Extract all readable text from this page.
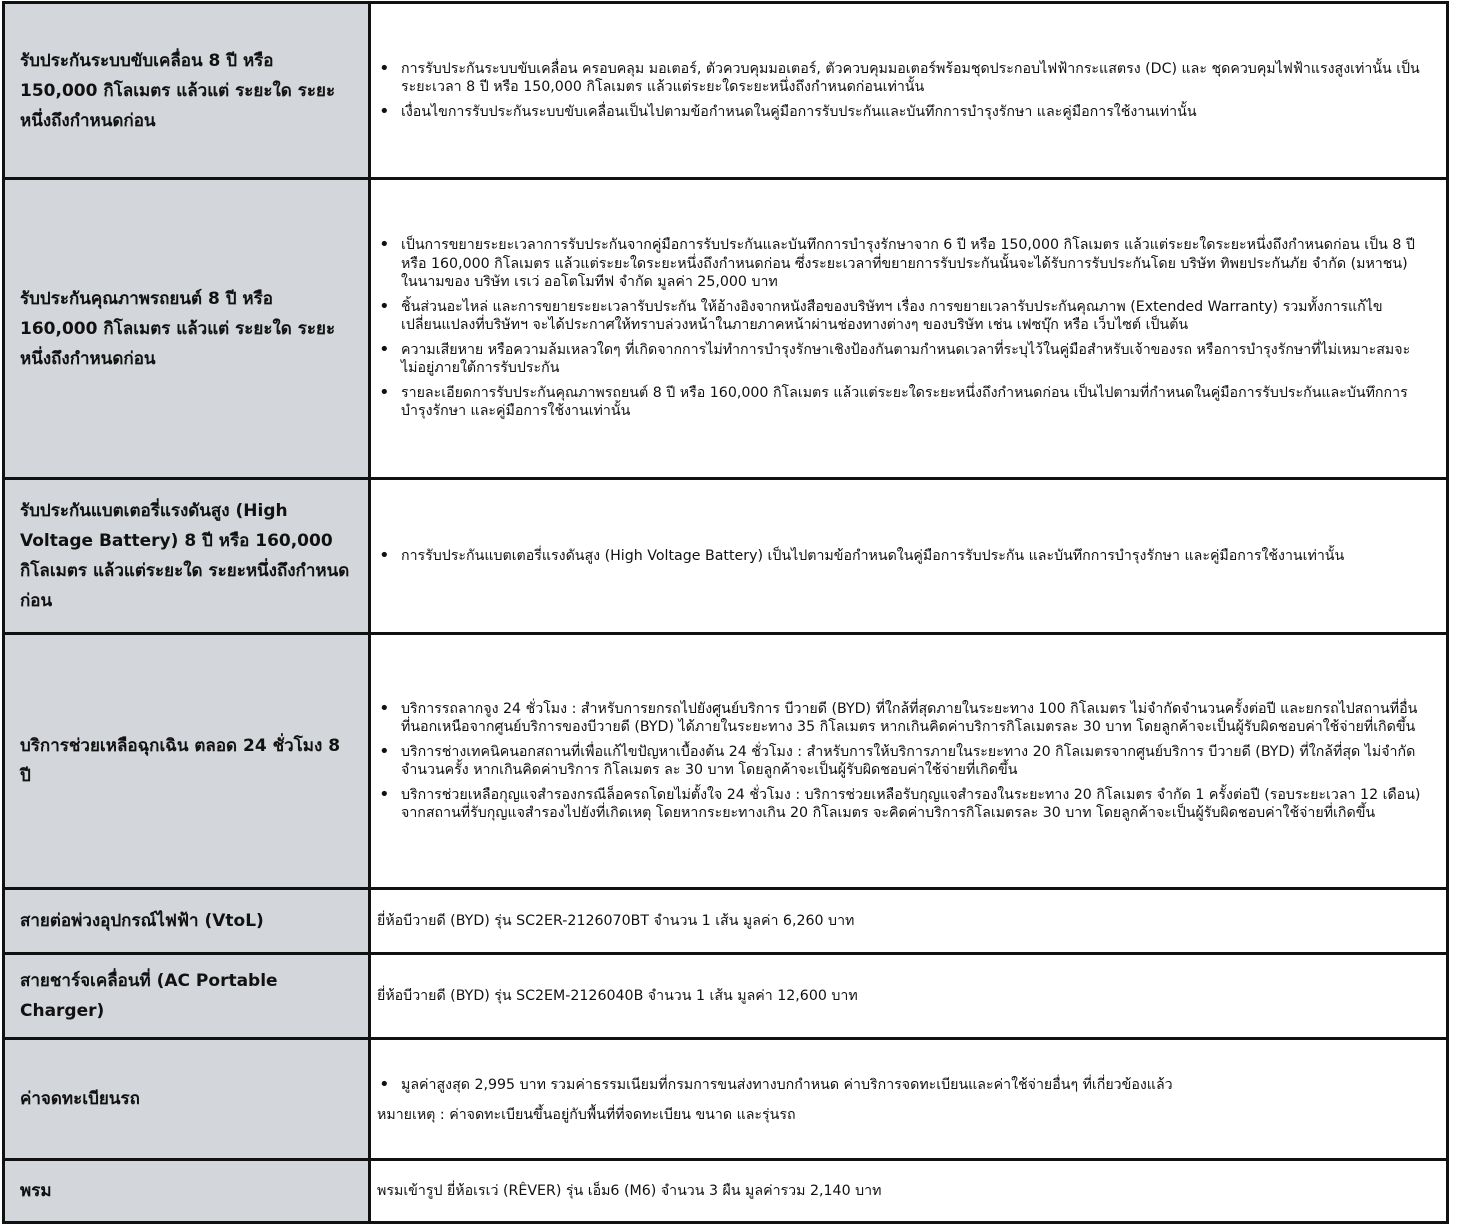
รับประกันระบบขับเคลื่อน 8 ปี หรือ 150,000 กิโลเมตร แล้วแต่ ระยะใด ระยะหนึ่งถึงกำหนดก่อน	
• การรับประกันระบบขับเคลื่อน ครอบคลุม มอเตอร์, ตัวควบคุมมอเตอร์, ตัวควบคุมมอเตอร์พร้อมชุดประกอบไฟฟ้ากระแสตรง (DC) และ ชุดควบคุมไฟฟ้าแรงสูงเท่านั้น เป็นระยะเวลา 8 ปี หรือ 150,000 กิโลเมตร แล้วแต่ระยะใดระยะหนึ่งถึงกำหนดก่อนเท่านั้น
• เงื่อนไขการรับประกันระบบขับเคลื่อนเป็นไปตามข้อกำหนดในคู่มือการรับประกันและบันทึกการบำรุงรักษา และคู่มือการใช้งานเท่านั้น

รับประกันคุณภาพรถยนต์ 8 ปี หรือ 160,000 กิโลเมตร แล้วแต่ ระยะใด ระยะหนึ่งถึงกำหนดก่อน	
• เป็นการขยายระยะเวลาการรับประกันจากคู่มือการรับประกันและบันทึกการบำรุงรักษาจาก 6 ปี หรือ 150,000 กิโลเมตร แล้วแต่ระยะใดระยะหนึ่งถึงกำหนดก่อน เป็น 8 ปี หรือ 160,000 กิโลเมตร แล้วแต่ระยะใดระยะหนึ่งถึงกำหนดก่อน ซึ่งระยะเวลาที่ขยายการรับประกันนั้นจะได้รับการรับประกันโดย บริษัท ทิพยประกันภัย จำกัด (มหาชน) ในนามของ บริษัท เรเว่ ออโตโมทีฟ จำกัด มูลค่า 25,000 บาท
• ชิ้นส่วนอะไหล่ และการขยายระยะเวลารับประกัน ให้อ้างอิงจากหนังสือของบริษัทฯ เรื่อง การขยายเวลารับประกันคุณภาพ (Extended Warranty) รวมทั้งการแก้ไขเปลี่ยนแปลงที่บริษัทฯ จะได้ประกาศให้ทราบล่วงหน้าในภายภาคหน้าผ่านช่องทางต่างๆ ของบริษัท เช่น เฟซบุ๊ก หรือ เว็บไซต์ เป็นต้น
• ความเสียหาย หรือความล้มเหลวใดๆ ที่เกิดจากการไม่ทำการบำรุงรักษาเชิงป้องกันตามกำหนดเวลาที่ระบุไว้ในคู่มือสำหรับเจ้าของรถ หรือการบำรุงรักษาที่ไม่เหมาะสมจะไม่อยู่ภายใต้การรับประกัน
• รายละเอียดการรับประกันคุณภาพรถยนต์ 8 ปี หรือ 160,000 กิโลเมตร แล้วแต่ระยะใดระยะหนึ่งถึงกำหนดก่อน เป็นไปตามที่กำหนดในคู่มือการรับประกันและบันทึกการบำรุงรักษา และคู่มือการใช้งานเท่านั้น

รับประกันแบตเตอรี่แรงดันสูง (High Voltage Battery) 8 ปี หรือ 160,000 กิโลเมตร แล้วแต่ระยะใด ระยะหนึ่งถึงกำหนดก่อน	
• การรับประกันแบตเตอรี่แรงดันสูง (High Voltage Battery) เป็นไปตามข้อกำหนดในคู่มือการรับประกัน และบันทึกการบำรุงรักษา และคู่มือการใช้งานเท่านั้น

บริการช่วยเหลือฉุกเฉิน ตลอด 24 ชั่วโมง 8 ปี	
• บริการรถลากจูง 24 ชั่วโมง : สำหรับการยกรถไปยังศูนย์บริการ บีวายดี (BYD) ที่ใกล้ที่สุดภายในระยะทาง 100 กิโลเมตร ไม่จำกัดจำนวนครั้งต่อปี และยกรถไปสถานที่อื่นที่นอกเหนือจากศูนย์บริการของบีวายดี (BYD) ได้ภายในระยะทาง 35 กิโลเมตร หากเกินคิดค่าบริการกิโลเมตรละ 30 บาท โดยลูกค้าจะเป็นผู้รับผิดชอบค่าใช้จ่ายที่เกิดขึ้น
• บริการช่างเทคนิคนอกสถานที่เพื่อแก้ไขปัญหาเบื้องต้น 24 ชั่วโมง : สำหรับการให้บริการภายในระยะทาง 20 กิโลเมตรจากศูนย์บริการ บีวายดี (BYD) ที่ใกล้ที่สุด ไม่จำกัดจำนวนครั้ง หากเกินคิดค่าบริการ กิโลเมตร ละ 30 บาท โดยลูกค้าจะเป็นผู้รับผิดชอบค่าใช้จ่ายที่เกิดขึ้น
• บริการช่วยเหลือกุญแจสำรองกรณีล็อครถโดยไม่ตั้งใจ 24 ชั่วโมง : บริการช่วยเหลือรับกุญแจสำรองในระยะทาง 20 กิโลเมตร จำกัด 1 ครั้งต่อปี (รอบระยะเวลา 12 เดือน) จากสถานที่รับกุญแจสำรองไปยังที่เกิดเหตุ โดยหากระยะทางเกิน 20 กิโลเมตร จะคิดค่าบริการกิโลเมตรละ 30 บาท โดยลูกค้าจะเป็นผู้รับผิดชอบค่าใช้จ่ายที่เกิดขึ้น

สายต่อพ่วงอุปกรณ์ไฟฟ้า (VtoL)	ยี่ห้อบีวายดี (BYD) รุ่น SC2ER-2126070BT จำนวน 1 เส้น มูลค่า 6,260 บาท

สายชาร์จเคลื่อนที่ (AC Portable Charger)	ยี่ห้อบีวายดี (BYD) รุ่น SC2EM-2126040B จำนวน 1 เส้น มูลค่า 12,600 บาท

ค่าจดทะเบียนรถ	
• มูลค่าสูงสุด 2,995 บาท รวมค่าธรรมเนียมที่กรมการขนส่งทางบกกำหนด ค่าบริการจดทะเบียนและค่าใช้จ่ายอื่นๆ ที่เกี่ยวข้องแล้ว
หมายเหตุ : ค่าจดทะเบียนขึ้นอยู่กับพื้นที่ที่จดทะเบียน ขนาด และรุ่นรถ

พรม	พรมเข้ารูป ยี่ห้อเรเว่ (RÊVER) รุ่น เอ็ม6 (M6) จำนวน 3 ผืน มูลค่ารวม 2,140 บาท
